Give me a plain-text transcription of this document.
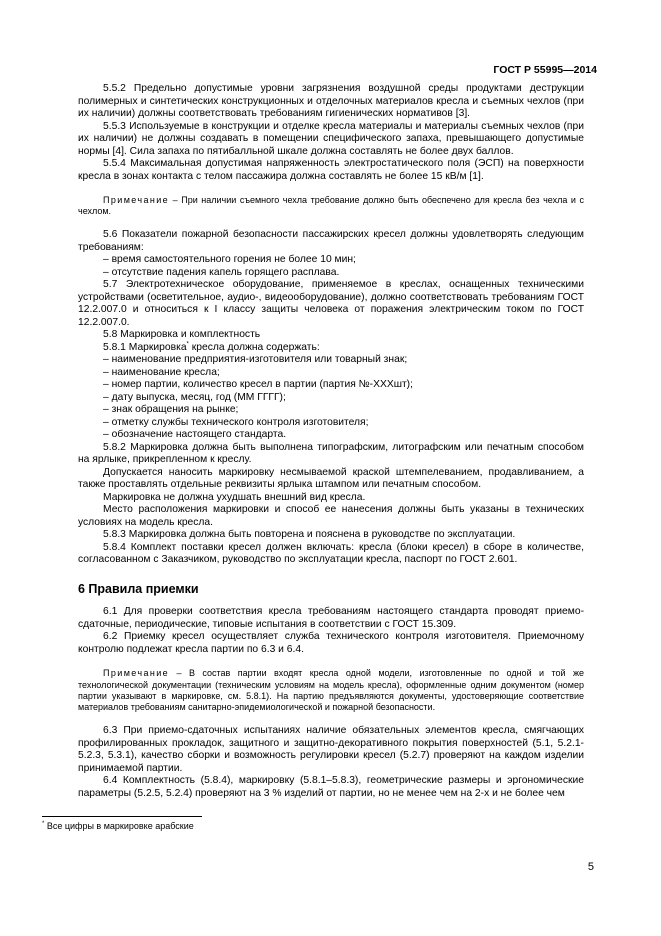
ГОСТ Р 55995—2014

5.5.2 Предельно допустимые уровни загрязнения воздушной среды продуктами деструкции полимерных и синтетических конструкционных и отделочных материалов кресла и съемных чехлов (при их наличии) должны соответствовать требованиям гигиенических нормативов [3].

5.5.3 Используемые в конструкции и отделке кресла материалы и материалы съемных чехлов (при их наличии) не должны создавать в помещении специфического запаха, превышающего допустимые нормы [4]. Сила запаха по пятибалльной шкале должна составлять не более двух баллов.

5.5.4 Максимальная допустимая напряженность электростатического поля (ЭСП) на поверхности кресла в зонах контакта с телом пассажира должна составлять не более 15 кВ/м [1].

Примечание – При наличии съемного чехла требование должно быть обеспечено для кресла без чехла и с чехлом.

5.6 Показатели пожарной безопасности пассажирских кресел должны удовлетворять следующим требованиям:

– время самостоятельного горения не более 10 мин;

– отсутствие падения капель горящего расплава.

5.7 Электротехническое оборудование, применяемое в креслах, оснащенных техническими устройствами (осветительное, аудио-, видеооборудование), должно соответствовать требованиям ГОСТ 12.2.007.0 и относиться к I классу защиты человека от поражения электрическим током по ГОСТ 12.2.007.0.

5.8 Маркировка и комплектность

5.8.1 Маркировка* кресла должна содержать:

– наименование предприятия-изготовителя или товарный знак;

– наименование кресла;

– номер партии, количество кресел в партии (партия №-XXXшт);

– дату выпуска, месяц, год (ММ ГГГГ);

– знак обращения на рынке;

– отметку службы технического контроля изготовителя;

– обозначение настоящего стандарта.

5.8.2 Маркировка должна быть выполнена типографским, литографским или печатным способом на ярлыке, прикрепленном к креслу.

Допускается наносить маркировку несмываемой краской штемпелеванием, продавливанием, а также проставлять отдельные реквизиты ярлыка штампом или печатным способом.

Маркировка не должна ухудшать внешний вид кресла.

Место расположения маркировки и способ ее нанесения должны быть указаны в технических условиях на модель кресла.

5.8.3 Маркировка должна быть повторена и пояснена в руководстве по эксплуатации.

5.8.4 Комплект поставки кресел должен включать: кресла (блоки кресел) в сборе в количестве, согласованном с Заказчиком, руководство по эксплуатации кресла, паспорт по ГОСТ 2.601.

6 Правила приемки

6.1 Для проверки соответствия кресла требованиям настоящего стандарта проводят приемо-сдаточные, периодические, типовые испытания в соответствии с ГОСТ 15.309.

6.2 Приемку кресел осуществляет служба технического контроля изготовителя. Приемочному контролю подлежат кресла партии по 6.3 и 6.4.

Примечание – В состав партии входят кресла одной модели, изготовленные по одной и той же технологической документации (техническим условиям на модель кресла), оформленные одним документом (номер партии указывают в маркировке, см. 5.8.1). На партию предъявляются документы, удостоверяющие соответствие материалов требованиям санитарно-эпидемиологической и пожарной безопасности.

6.3 При приемо-сдаточных испытаниях наличие обязательных элементов кресла, смягчающих профилированных прокладок, защитного и защитно-декоративного покрытия поверхностей (5.1, 5.2.1-5.2.3, 5.3.1), качество сборки и возможность регулировки кресел (5.2.7) проверяют на каждом изделии принимаемой партии.

6.4 Комплектность (5.8.4), маркировку (5.8.1–5.8.3), геометрические размеры и эргономические параметры (5.2.5, 5.2.4) проверяют на 3 % изделий от партии, но не менее чем на 2-х и не более чем

* Все цифры в маркировке арабские
5
